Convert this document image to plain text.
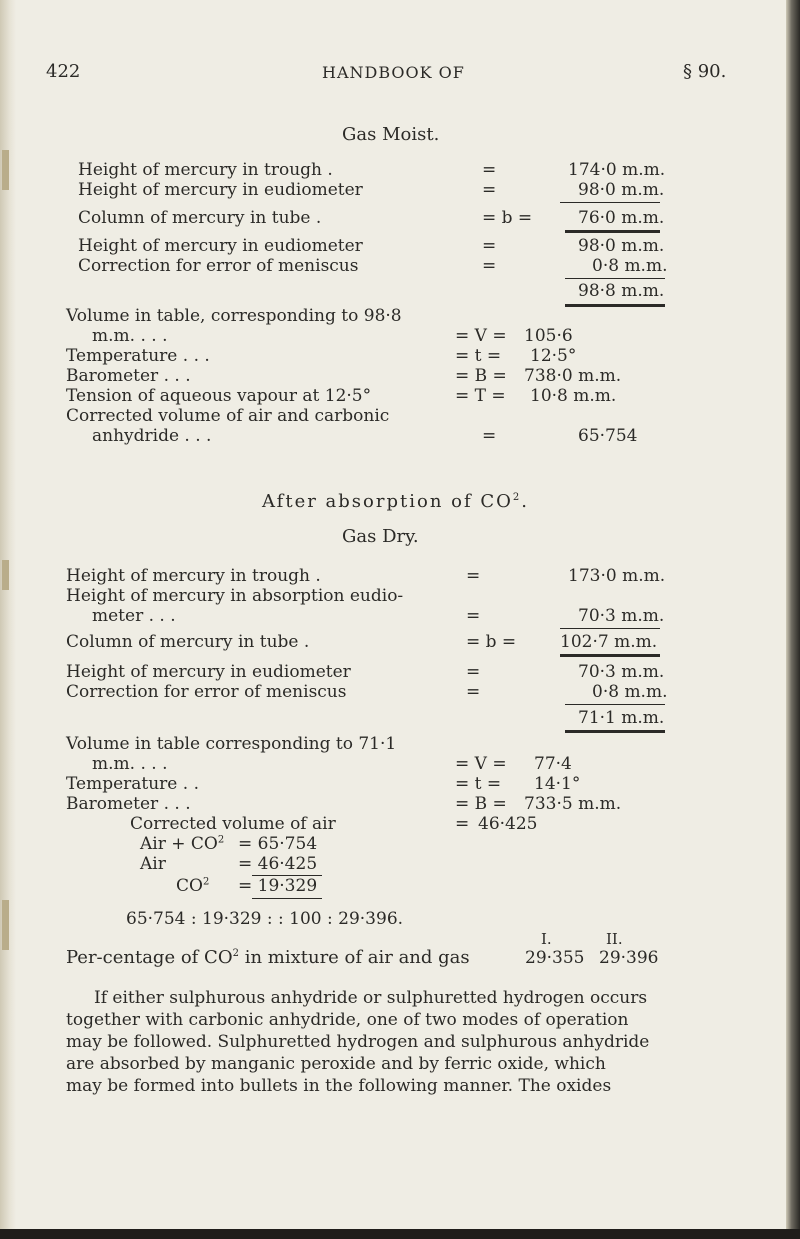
422	HANDBOOK OF	§ 90.
Gas Moist.
Height of mercury in trough .	=	174·0 m.m.
Height of mercury in eudiometer	=	98·0 m.m.
Column of mercury in tube .	= b =	76·0 m.m.
Height of mercury in eudiometer	=	98·0 m.m.
Correction for error of meniscus	=	0·8 m.m.
98·8 m.m.
Volume in table, corresponding to 98·8
m.m. . . .	= V = 105·6
Temperature . . .	= t = 12·5°
Barometer . . .	= B = 738·0 m.m.
Tension of aqueous vapour at 12·5°	= T = 10·8 m.m.
Corrected volume of air and carbonic
anhydride . . .	=	65·754
After absorption of $CO^2$.
Gas Dry.
Height of mercury in trough .	=	173·0 m.m.
Height of mercury in absorption eudio-
meter . . .	=	70·3 m.m.
Column of mercury in tube .	= b =	102·7 m.m.
Height of mercury in eudiometer	=	70·3 m.m.
Correction for error of meniscus	=	0·8 m.m.
71·1 m.m.
Volume in table corresponding to 71·1
m.m. . . .	= V = 77·4
Temperature . .	= t = 14·1°
Barometer . . .	= B = 733·5 m.m.
Corrected volume of air	= 46·425
Air + $CO^2 = 65\cdot 754$
Air	= 46·425
$CO^2 = 19\cdot 329$
65·754 : 19·329 : : 100 : 29·396.
I.	II.
Per-centage of $CO^2$ in mixture of air and gas	29·355 29·396
If either sulphurous anhydride or sulphuretted hydrogen occurs
together with carbonic anhydride, one of two modes of operation
may be followed. Sulphuretted hydrogen and sulphurous anhydride
are absorbed by manganic peroxide and by ferric oxide, which
may be formed into bullets in the following manner. The oxides
